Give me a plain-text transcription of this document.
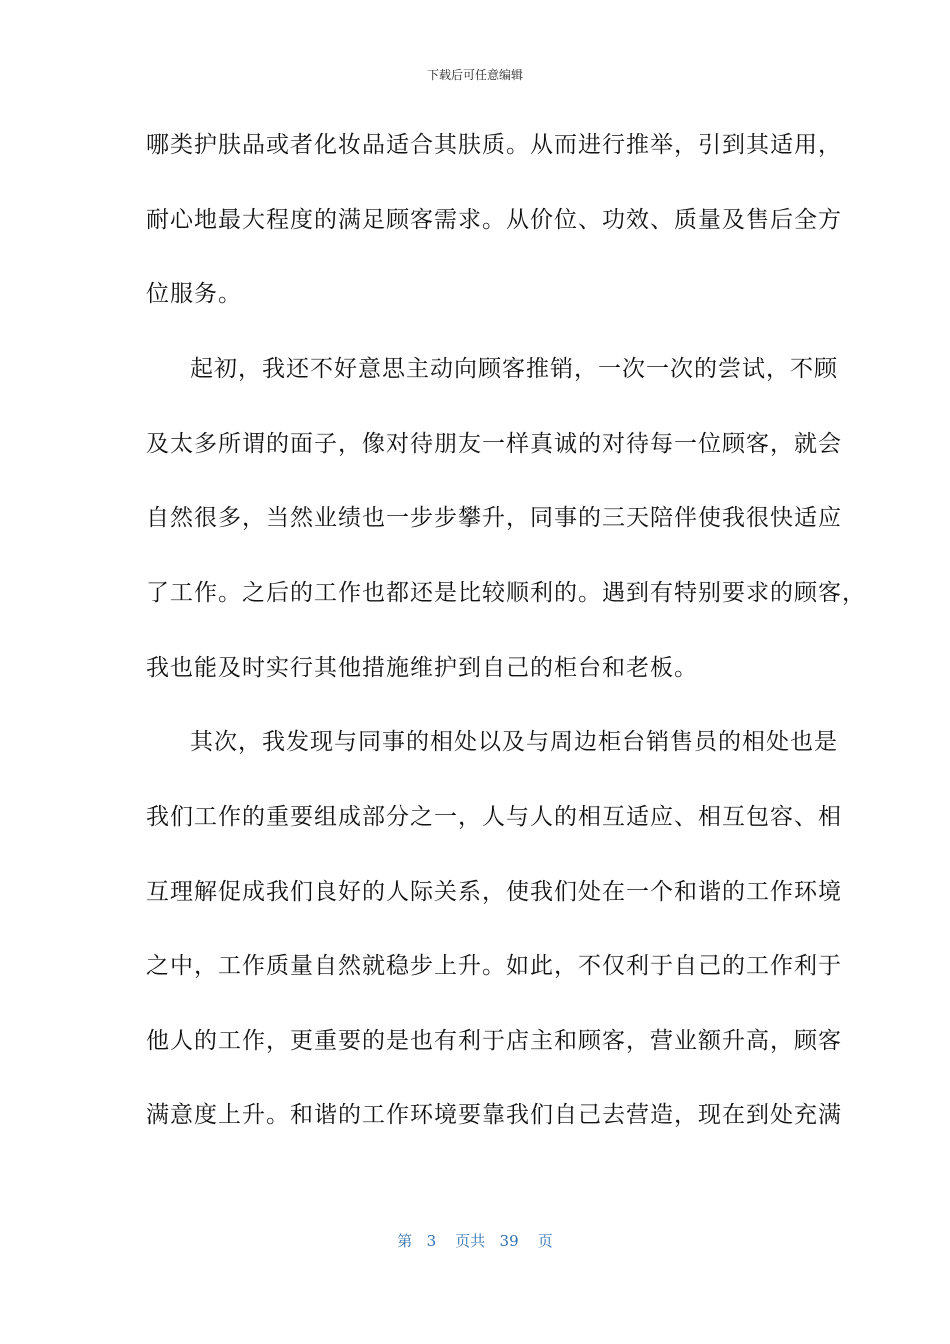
下载后可任意编辑
哪类护肤品或者化妆品适合其肤质。从而进行推举，引到其适用，
耐心地最大程度的满足顾客需求。从价位、功效、质量及售后全方
位服务。
起初，我还不好意思主动向顾客推销，一次一次的尝试，不顾
及太多所谓的面子，像对待朋友一样真诚的对待每一位顾客，就会
自然很多，当然业绩也一步步攀升，同事的三天陪伴使我很快适应
了工作。之后的工作也都还是比较顺利的。遇到有特别要求的顾客，
我也能及时实行其他措施维护到自己的柜台和老板。
其次，我发现与同事的相处以及与周边柜台销售员的相处也是
我们工作的重要组成部分之一，人与人的相互适应、相互包容、相
互理解促成我们良好的人际关系，使我们处在一个和谐的工作环境
之中，工作质量自然就稳步上升。如此，不仅利于自己的工作利于
他人的工作，更重要的是也有利于店主和顾客，营业额升高，顾客
满意度上升。和谐的工作环境要靠我们自己去营造，现在到处充满
第 3 页共 39 页
